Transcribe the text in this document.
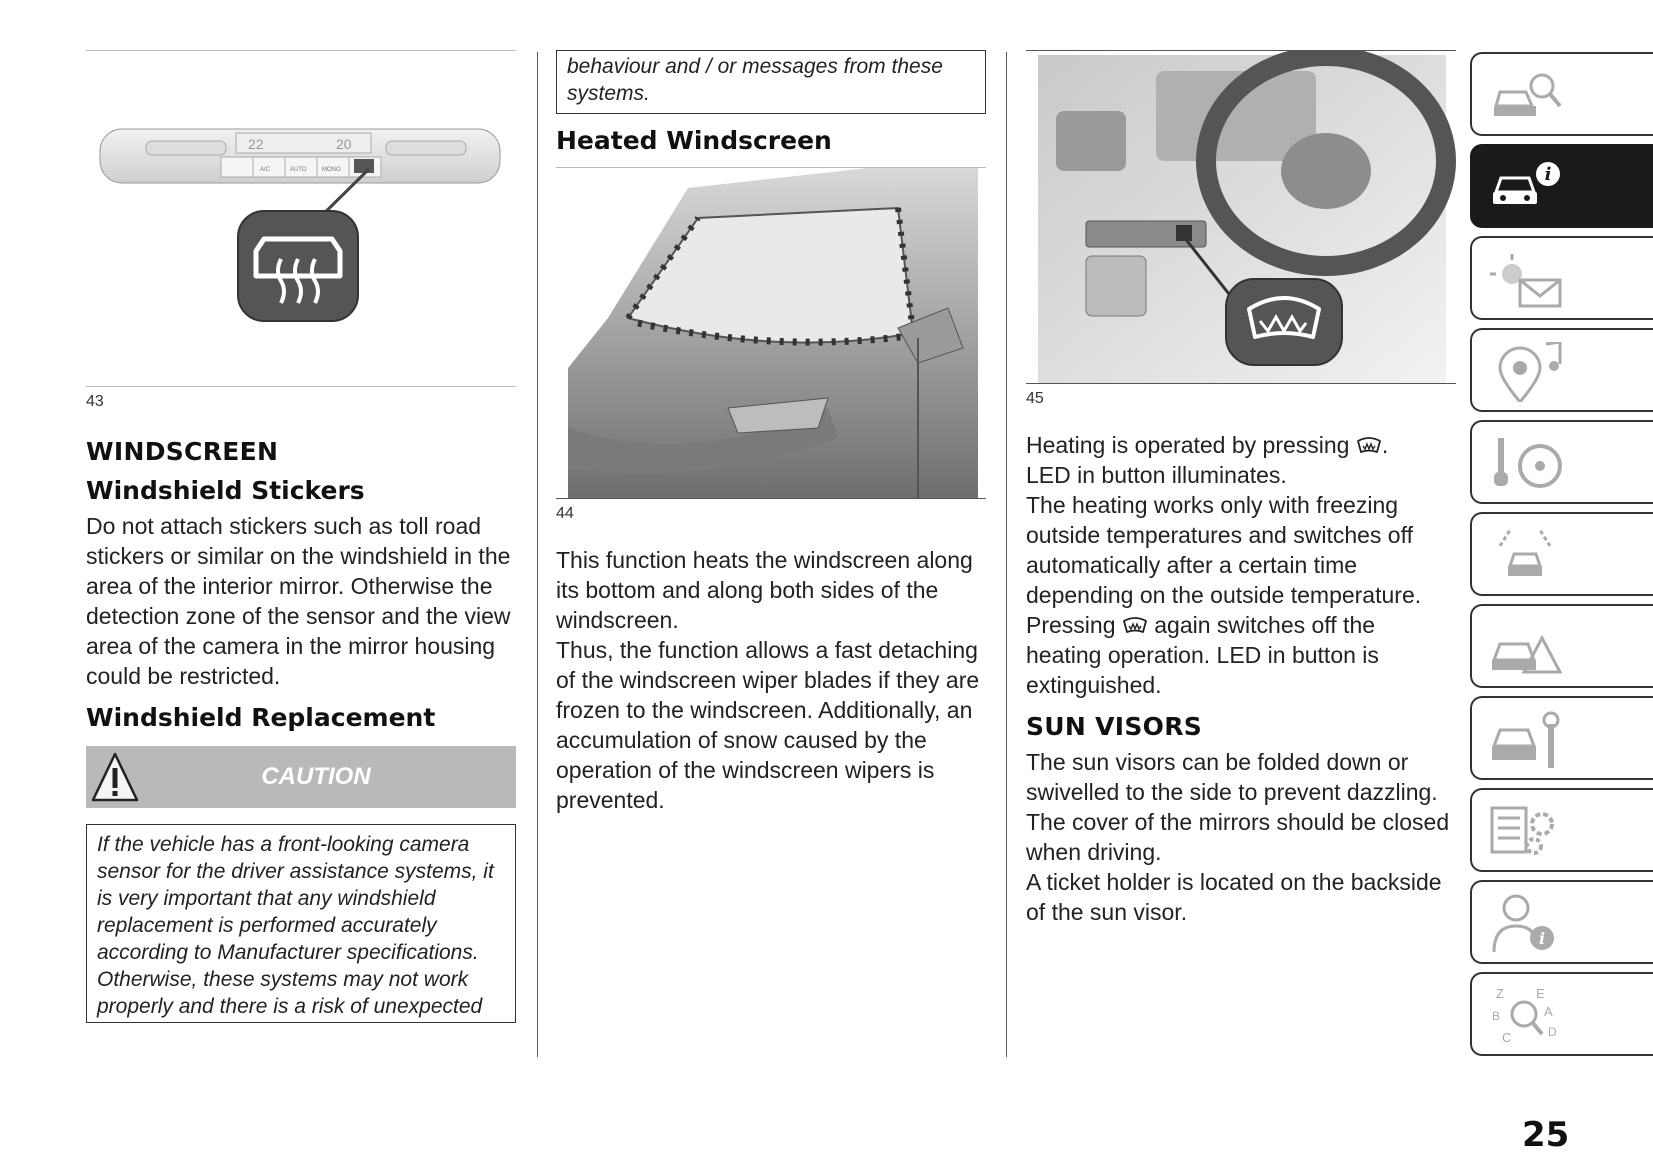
22	20
A/C	AUTO	MONO
43
WINDSCREEN
Windshield Stickers

Do not attach stickers such as toll road stickers or similar on the windshield in the area of the interior mirror. Otherwise the detection zone of the sensor and the view area of the camera in the mirror housing could be restricted.

Windshield Replacement
CAUTION
If the vehicle has a front-looking camera sensor for the driver assistance systems, it is very important that any windshield replacement is performed accurately according to Manufacturer specifications. Otherwise, these systems may not work properly and there is a risk of unexpected
behaviour and / or messages from these systems.
Heated Windscreen
44

This function heats the windscreen along its bottom and along both sides of the windscreen.

Thus, the function allows a fast detaching of the windscreen wiper blades if they are frozen to the windscreen. Additionally, an accumulation of snow caused by the operation of the windscreen wipers is prevented.

45

Heating is operated by pressing .

LED in button illuminates.

The heating works only with freezing outside temperatures and switches off automatically after a certain time depending on the outside temperature.

Pressing  again switches off the heating operation. LED in button is extinguished.

SUN VISORS

The sun visors can be folded down or swivelled to the side to prevent dazzling.

The cover of the mirrors should be closed when driving.

A ticket holder is located on the backside of the sun visor.

i
i
Z E
B	A
C	D
25
